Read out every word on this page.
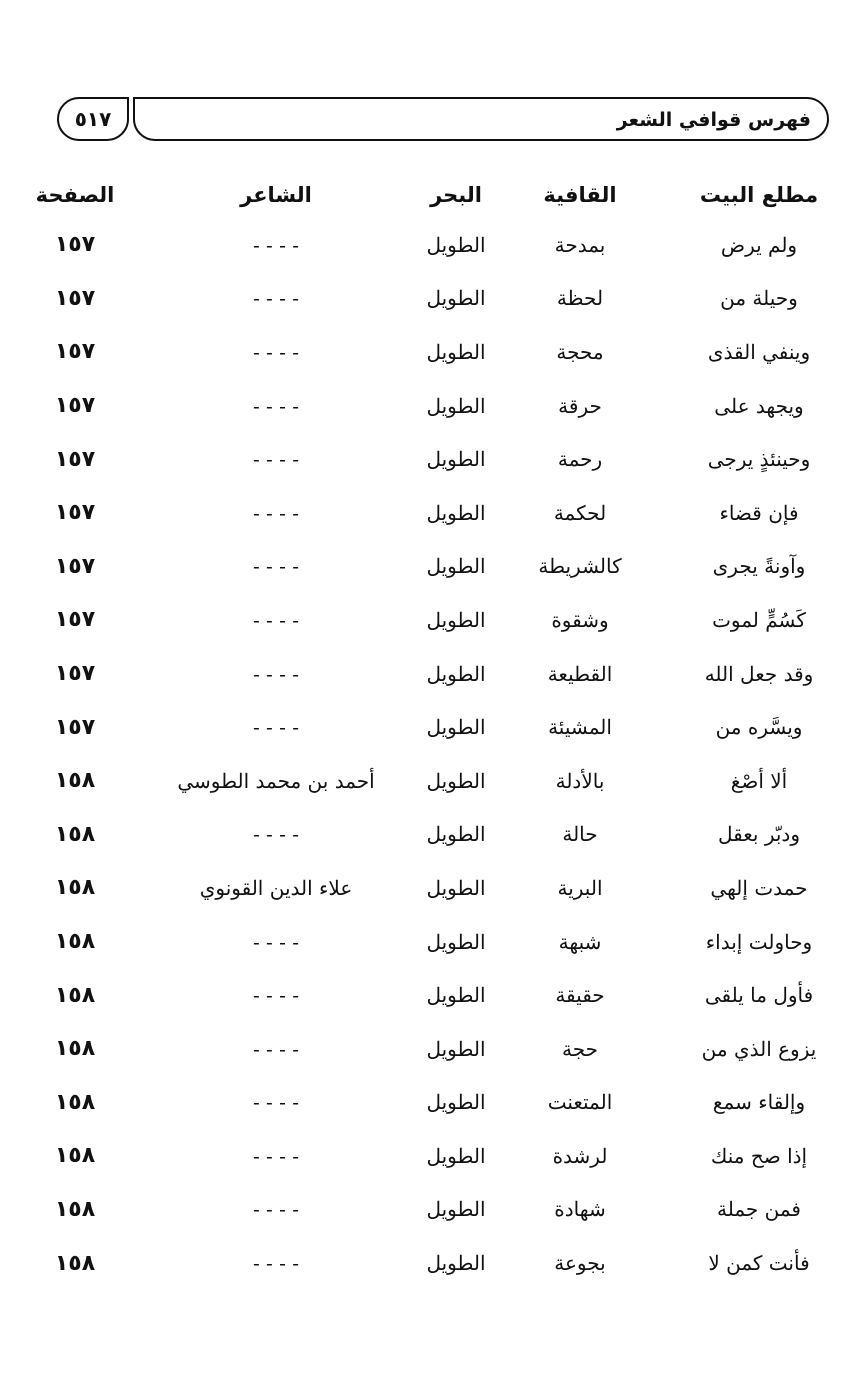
فهرس قوافي الشعر
٥١٧
مطلع البيت	القافية	البحر	الشاعر	الصفحة
ولم يرض	بمدحة	الطويل	- - - -	١٥٧
وحيلة من	لحظة	الطويل	- - - -	١٥٧
وينفي القذى	محجة	الطويل	- - - -	١٥٧
ويجهد على	حرقة	الطويل	- - - -	١٥٧
وحينئذٍ يرجى	رحمة	الطويل	- - - -	١٥٧
فإن قضاء	لحكمة	الطويل	- - - -	١٥٧
وآونةً يجرى	كالشريطة	الطويل	- - - -	١٥٧
كَسُمٍّ لموت	وشقوة	الطويل	- - - -	١٥٧
وقد جعل الله	القطيعة	الطويل	- - - -	١٥٧
ويسَّره من	المشيئة	الطويل	- - - -	١٥٧
ألا أصْغ	بالأدلة	الطويل	أحمد بن محمد الطوسي	١٥٨
ودبّر بعقل	حالة	الطويل	- - - -	١٥٨
حمدت إلهي	البرية	الطويل	علاء الدين القونوي	١٥٨
وحاولت إبداء	شبهة	الطويل	- - - -	١٥٨
فأول ما يلقى	حقيقة	الطويل	- - - -	١٥٨
يزوع الذي من	حجة	الطويل	- - - -	١٥٨
وإلقاء سمع	المتعنت	الطويل	- - - -	١٥٨
إذا صح منك	لرشدة	الطويل	- - - -	١٥٨
فمن جملة	شهادة	الطويل	- - - -	١٥٨
فأنت كمن لا	بجوعة	الطويل	- - - -	١٥٨
